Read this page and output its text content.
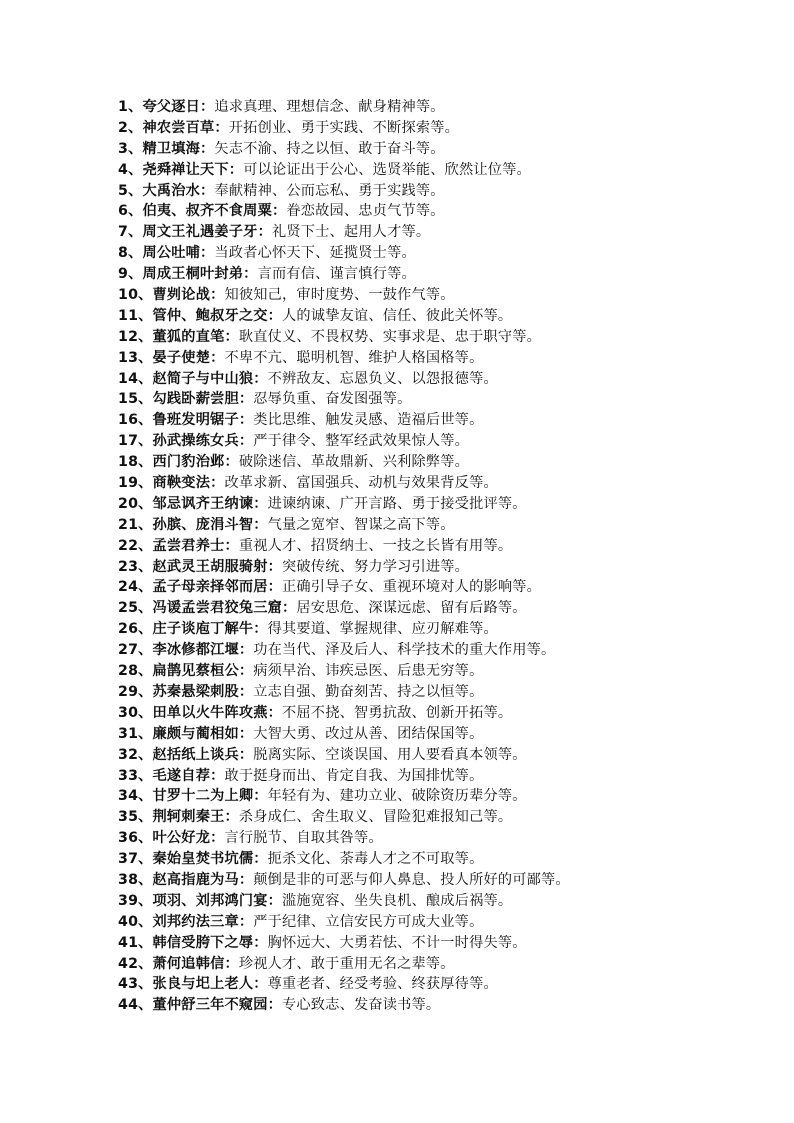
1、夸父逐日：追求真理、理想信念、献身精神等。
2、神农尝百草：开拓创业、勇于实践、不断探索等。
3、精卫填海：矢志不渝、持之以恒、敢于奋斗等。
4、尧舜禅让天下：可以论证出于公心、选贤举能、欣然让位等。
5、大禹治水：奉献精神、公而忘私、勇于实践等。
6、伯夷、叔齐不食周粟：眷恋故园、忠贞气节等。
7、周文王礼遇姜子牙：礼贤下士、起用人才等。
8、周公吐哺：当政者心怀天下、延揽贤士等。
9、周成王桐叶封弟：言而有信、谨言慎行等。
10、曹刿论战：知彼知己，审时度势、一鼓作气等。
11、管仲、鲍叔牙之交：人的诚挚友谊、信任、彼此关怀等。
12、董狐的直笔：耿直仗义、不畏权势、实事求是、忠于职守等。
13、晏子使楚：不卑不亢、聪明机智、维护人格国格等。
14、赵简子与中山狼：不辨敌友、忘恩负义、以怨报德等。
15、勾践卧薪尝胆：忍辱负重、奋发图强等。
16、鲁班发明锯子：类比思维、触发灵感、造福后世等。
17、孙武操练女兵：严于律令、整军经武效果惊人等。
18、西门豹治邺：破除迷信、革故鼎新、兴利除弊等。
19、商鞅变法：改革求新、富国强兵、动机与效果背反等。
20、邹忌讽齐王纳谏：进谏纳谏、广开言路、勇于接受批评等。
21、孙膑、庞涓斗智：气量之宽窄、智谋之高下等。
22、孟尝君养士：重视人才、招贤纳士、一技之长皆有用等。
23、赵武灵王胡服骑射：突破传统、努力学习引进等。
24、孟子母亲择邻而居：正确引导子女、重视环境对人的影响等。
25、冯谖孟尝君狡兔三窟：居安思危、深谋远虑、留有后路等。
26、庄子谈庖丁解牛：得其要道、掌握规律、应刃解难等。
27、李冰修都江堰：功在当代、泽及后人、科学技术的重大作用等。
28、扁鹊见蔡桓公：病须早治、讳疾忌医、后患无穷等。
29、苏秦悬梁刺股：立志自强、勤奋刻苦、持之以恒等。
30、田单以火牛阵攻燕：不屈不挠、智勇抗敌、创新开拓等。
31、廉颇与蔺相如：大智大勇、改过从善、团结保国等。
32、赵括纸上谈兵：脱离实际、空谈误国、用人要看真本领等。
33、毛遂自荐：敢于挺身而出、肯定自我、为国排忧等。
34、甘罗十二为上卿：年轻有为、建功立业、破除资历辈分等。
35、荆轲刺秦王：杀身成仁、舍生取义、冒险犯难报知己等。
36、叶公好龙：言行脱节、自取其咎等。
37、秦始皇焚书坑儒：扼杀文化、荼毒人才之不可取等。
38、赵高指鹿为马：颠倒是非的可恶与仰人鼻息、投人所好的可鄙等。
39、项羽、刘邦鸿门宴：滥施宽容、坐失良机、酿成后祸等。
40、刘邦约法三章：严于纪律、立信安民方可成大业等。
41、韩信受胯下之辱：胸怀远大、大勇若怯、不计一时得失等。
42、萧何追韩信：珍视人才、敢于重用无名之辈等。
43、张良与圯上老人：尊重老者、经受考验、终获厚待等。
44、董仲舒三年不窥园：专心致志、发奋读书等。
